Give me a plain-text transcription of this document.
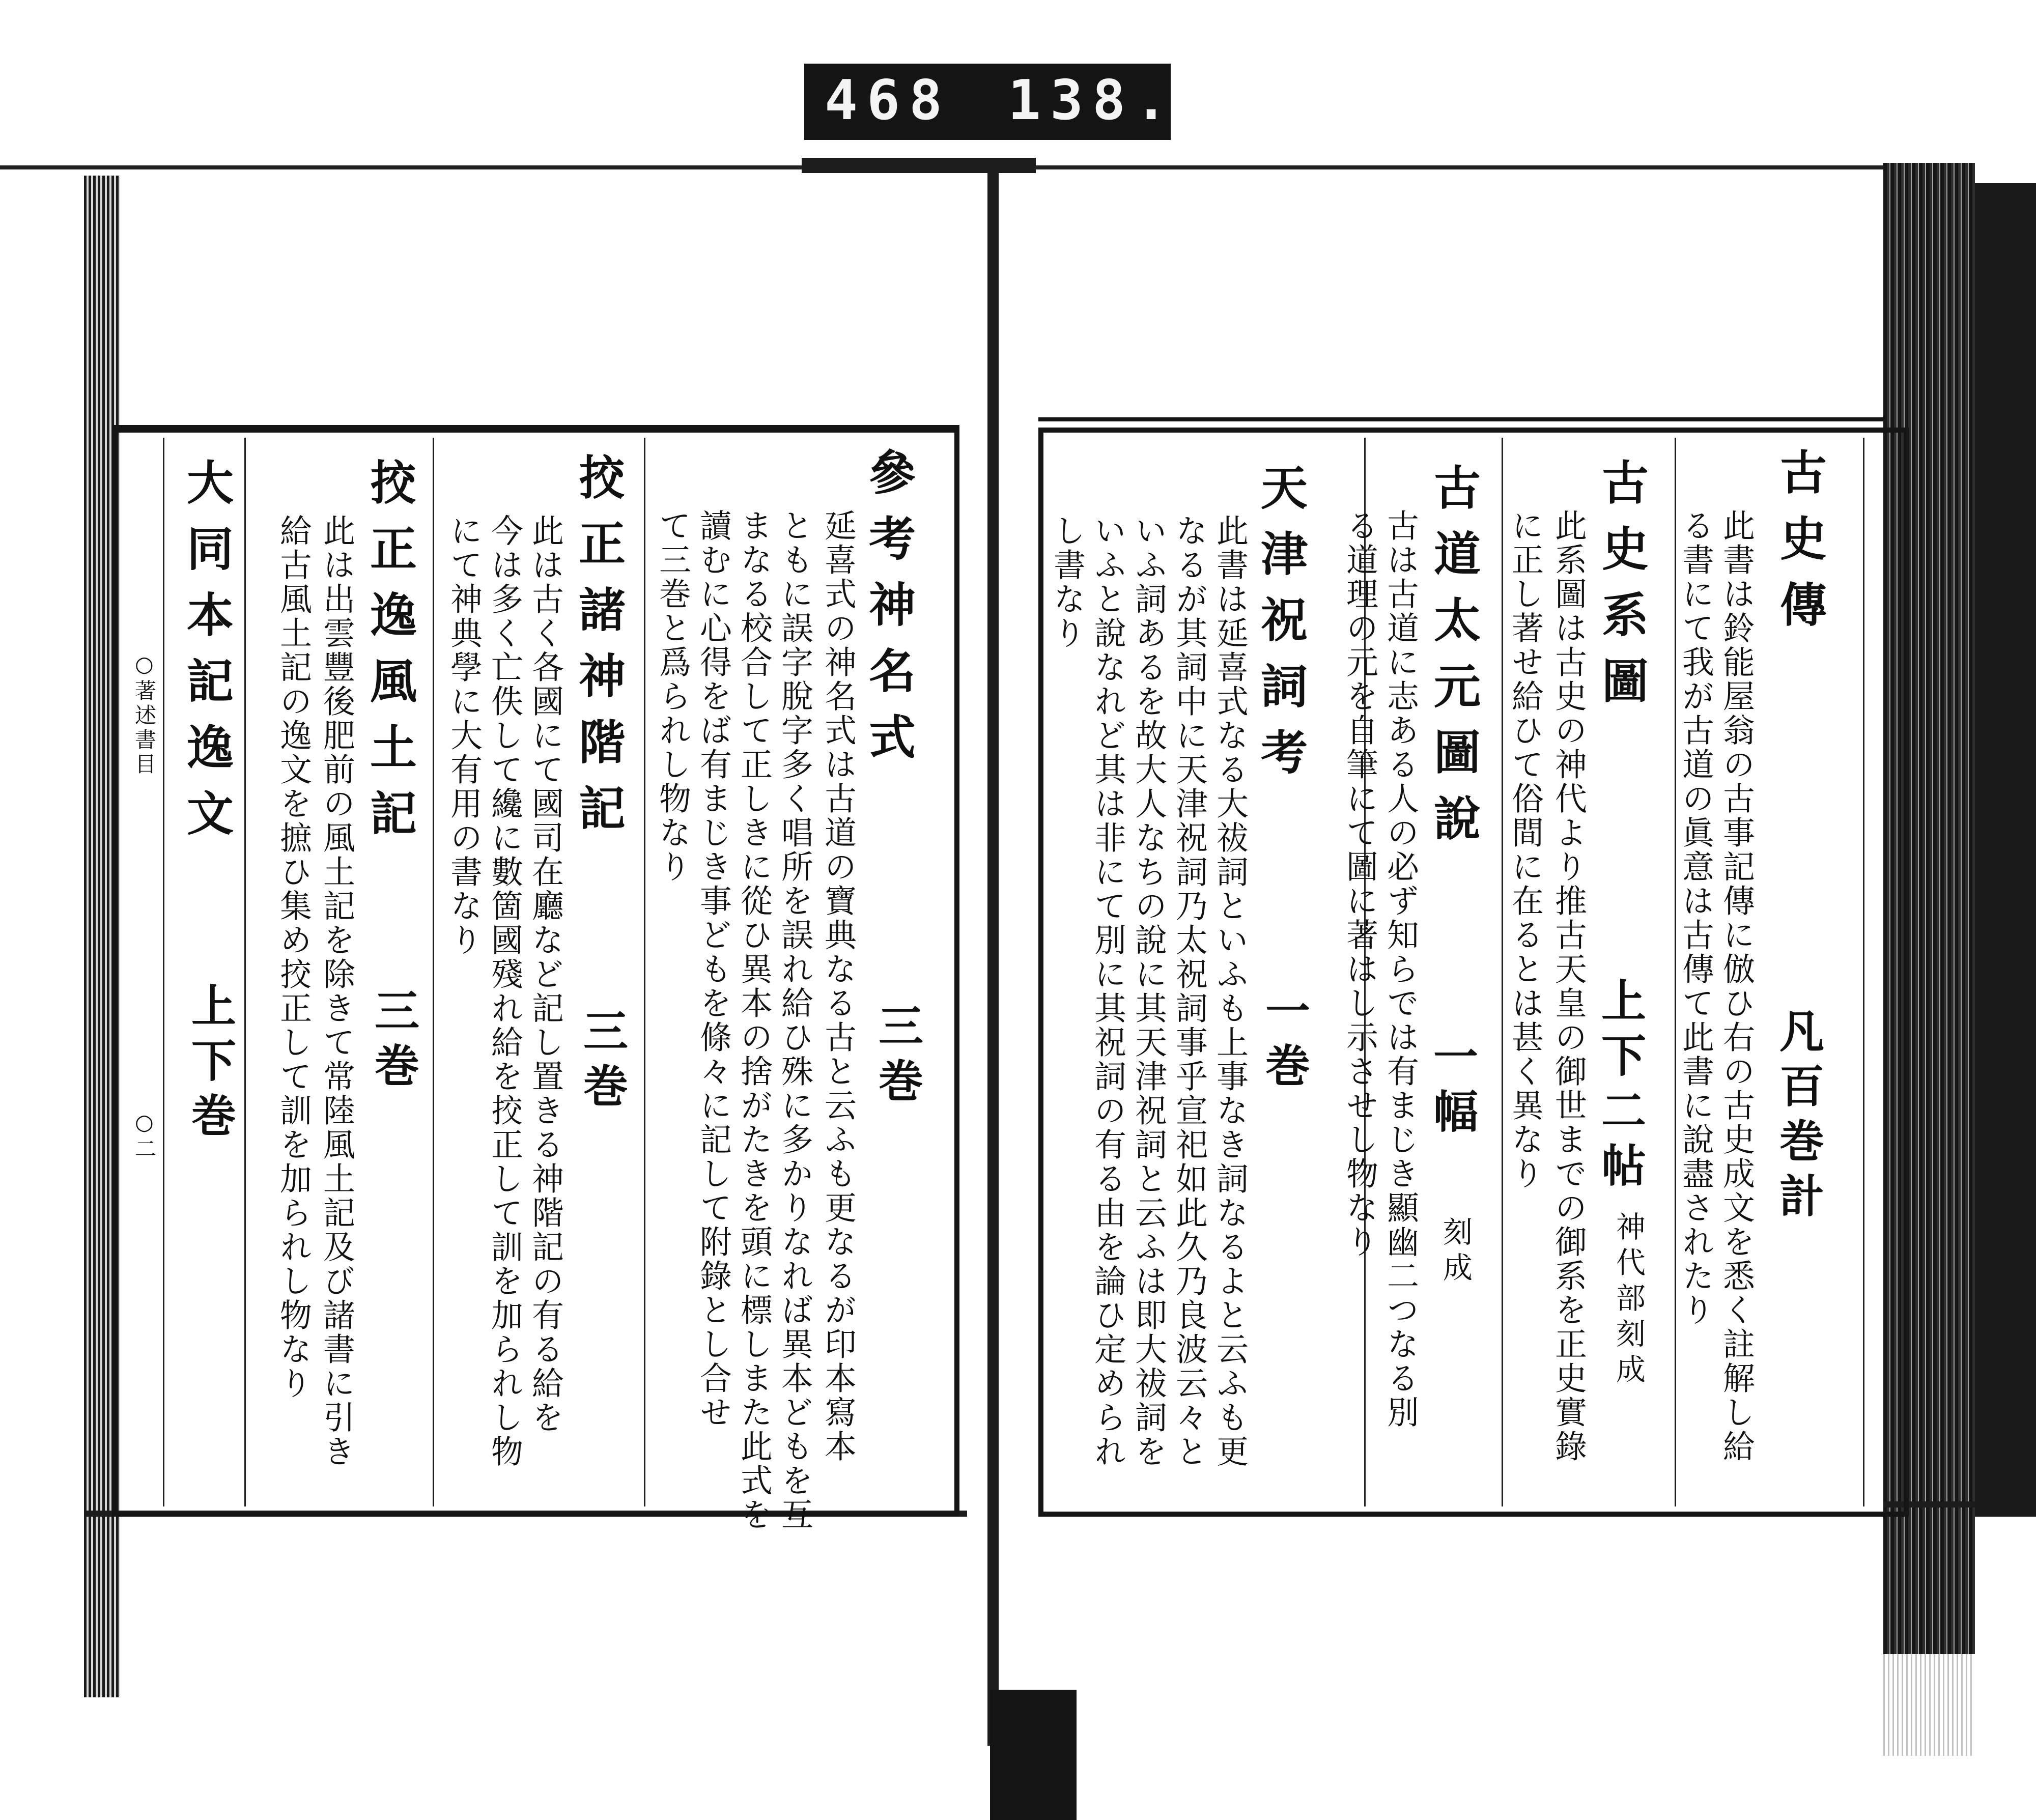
468 138.
○著述書目
○二
古史傳
凡百巻計
此書は鈴能屋翁の古事記傳に倣ひ右の古史成文を悉く註解し給
る書にて我が古道の眞意は古傳て此書に說盡されたり
古史系圖
上下二帖
神代部刻成
此系圖は古史の神代より推古天皇の御世までの御系を正史實錄
に正し著せ給ひて俗間に在るとは甚く異なり
古道太元圖說
一幅
刻成
古は古道に志ある人の必ず知らでは有まじき顯幽二つなる別
る道理の元を自筆にて圖に著はし示させし物なり
天津祝詞考
一巻
此書は延喜式なる大祓詞といふも上事なき詞なるよと云ふも更
なるが其詞中に天津祝詞乃太祝詞事乎宣祀如此久乃良波云々と
いふ詞あるを故大人なちの說に其天津祝詞と云ふは即大祓詞を
いふと說なれど其は非にて別に其祝詞の有る由を論ひ定められ
し書なり
參考神名式
三巻
延喜式の神名式は古道の寶典なる古と云ふも更なるが印本寫本
ともに誤字脫字多く唱所を誤れ給ひ殊に多かりなれば異本どもを互
まなる校合して正しきに從ひ異本の捨がたきを頭に標しまた此式を
讀むに心得をば有まじき事どもを條々に記して附錄とし合せ
て三巻と爲られし物なり
挍正諸神階記
三巻
此は古く各國にて國司在廳など記し置きる神階記の有る給を
今は多く亡佚して纔に數箇國殘れ給を挍正して訓を加られし物
にて神典學に大有用の書なり
挍正逸風土記
三巻
此は出雲豐後肥前の風土記を除きて常陸風土記及び諸書に引き
給古風土記の逸文を摭ひ集め挍正して訓を加られし物なり
大同本記逸文
上下巻
